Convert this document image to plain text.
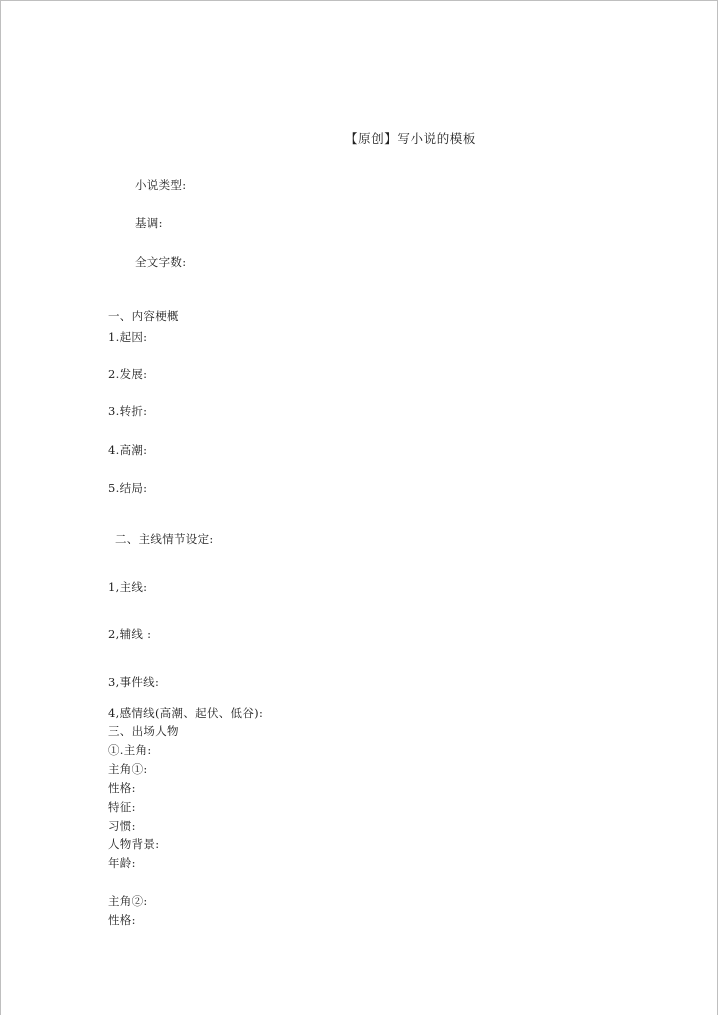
【原创】写小说的模板
小说类型:
基调:
全文字数:
一、内容梗概
1.起因:
2.发展:
3.转折:
4.高潮:
5.结局:
二、主线情节设定:
1,主线:
2,辅线 :
3,事件线:
4,感情线(高潮、起伏、低谷):
三、出场人物
①.主角:
主角①:
性格:
特征:
习惯:
人物背景:
年龄:
主角②:
性格:
